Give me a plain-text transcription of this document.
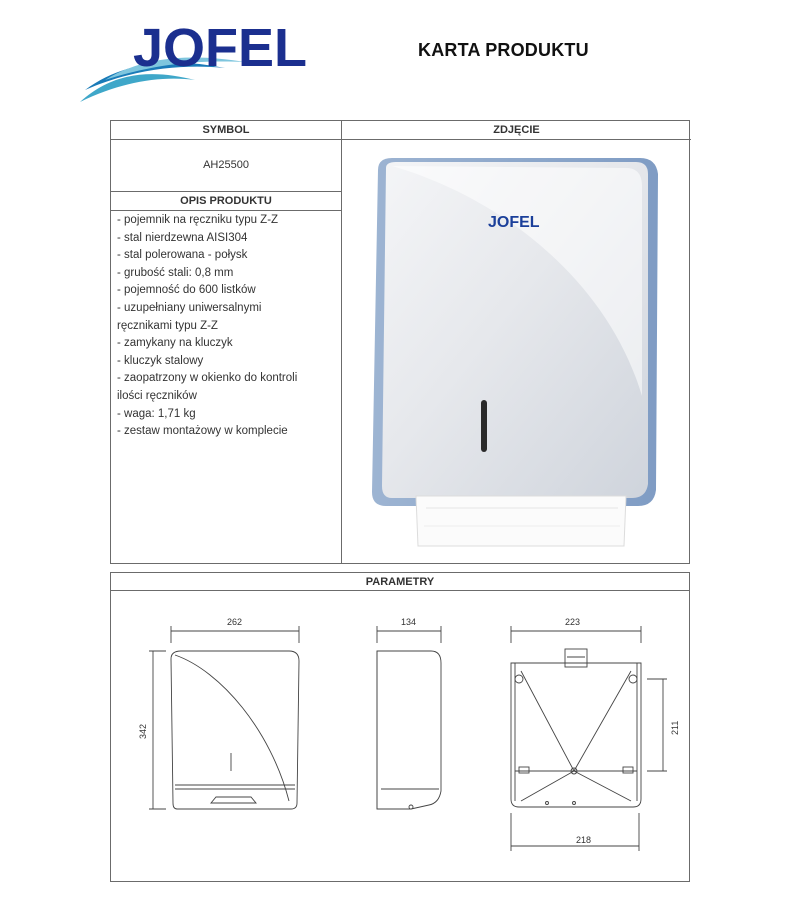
JOFEL	KARTA PRODUKTU
SYMBOL	ZDJĘCIE
AH25500
OPIS PRODUKTU
- pojemnik na ręczniku typu Z-Z
- stal nierdzewna AISI304
- stal polerowana - połysk
- grubość stali: 0,8 mm
- pojemność do 600 listków
- uzupełniany uniwersalnymi
ręcznikami typu Z-Z
- zamykany na kluczyk
- kluczyk stalowy
- zaopatrzony w okienko do kontroli
ilości ręczników
- waga: 1,71 kg
- zestaw montażowy w komplecie
JOFEL
PARAMETRY
262	134	223
218
342	211
